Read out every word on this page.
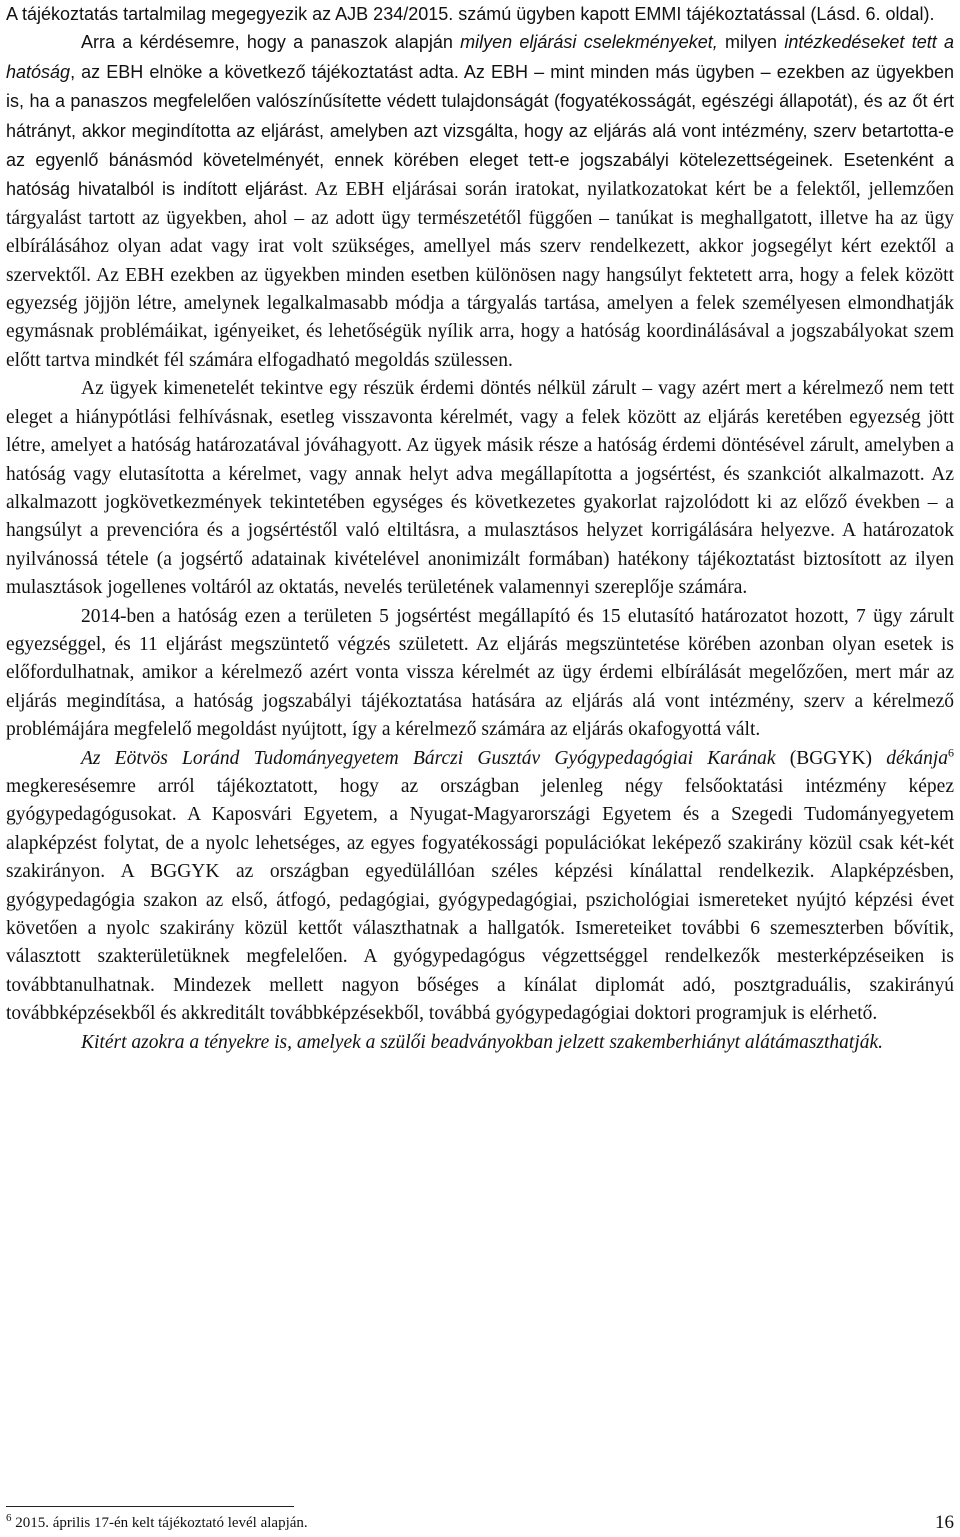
A tájékoztatás tartalmilag megegyezik az AJB 234/2015. számú ügyben kapott EMMI tájékoztatással (Lásd. 6. oldal).

Arra a kérdésemre, hogy a panaszok alapján milyen eljárási cselekményeket, milyen intézkedéseket tett a hatóság, az EBH elnöke a következő tájékoztatást adta. Az EBH – mint minden más ügyben – ezekben az ügyekben is, ha a panaszos megfelelően valószínűsítette védett tulajdonságát (fogyatékosságát, egészégi állapotát), és az őt ért hátrányt, akkor megindította az eljárást, amelyben azt vizsgálta, hogy az eljárás alá vont intézmény, szerv betartotta-e az egyenlő bánásmód követelményét, ennek körében eleget tett-e jogszabályi kötelezettségeinek. Esetenként a hatóság hivatalból is indított eljárást. Az EBH eljárásai során iratokat, nyilatkozatokat kért be a felektől, jellemzően tárgyalást tartott az ügyekben, ahol – az adott ügy természetétől függően – tanúkat is meghallgatott, illetve ha az ügy elbírálásához olyan adat vagy irat volt szükséges, amellyel más szerv rendelkezett, akkor jogsegélyt kért ezektől a szervektől. Az EBH ezekben az ügyekben minden esetben különösen nagy hangsúlyt fektetett arra, hogy a felek között egyezség jöjjön létre, amelynek legalkalmasabb módja a tárgyalás tartása, amelyen a felek személyesen elmondhatják egymásnak problémáikat, igényeiket, és lehetőségük nyílik arra, hogy a hatóság koordinálásával a jogszabályokat szem előtt tartva mindkét fél számára elfogadható megoldás szülessen.

Az ügyek kimenetelét tekintve egy részük érdemi döntés nélkül zárult – vagy azért mert a kérelmező nem tett eleget a hiánypótlási felhívásnak, esetleg visszavonta kérelmét, vagy a felek között az eljárás keretében egyezség jött létre, amelyet a hatóság határozatával jóváhagyott. Az ügyek másik része a hatóság érdemi döntésével zárult, amelyben a hatóság vagy elutasította a kérelmet, vagy annak helyt adva megállapította a jogsértést, és szankciót alkalmazott. Az alkalmazott jogkövetkezmények tekintetében egységes és következetes gyakorlat rajzolódott ki az előző években – a hangsúlyt a prevencióra és a jogsértéstől való eltiltásra, a mulasztásos helyzet korrigálására helyezve. A határozatok nyilvánossá tétele (a jogsértő adatainak kivételével anonimizált formában) hatékony tájékoztatást biztosított az ilyen mulasztások jogellenes voltáról az oktatás, nevelés területének valamennyi szereplője számára.

2014-ben a hatóság ezen a területen 5 jogsértést megállapító és 15 elutasító határozatot hozott, 7 ügy zárult egyezséggel, és 11 eljárást megszüntető végzés született. Az eljárás megszüntetése körében azonban olyan esetek is előfordulhatnak, amikor a kérelmező azért vonta vissza kérelmét az ügy érdemi elbírálását megelőzően, mert már az eljárás megindítása, a hatóság jogszabályi tájékoztatása hatására az eljárás alá vont intézmény, szerv a kérelmező problémájára megfelelő megoldást nyújtott, így a kérelmező számára az eljárás okafogyottá vált.

Az Eötvös Loránd Tudományegyetem Bárczi Gusztáv Gyógypedagógiai Karának (BGGYK) dékánja$^6$ megkeresésemre arról tájékoztatott, hogy az országban jelenleg négy felsőoktatási intézmény képez gyógypedagógusokat. A Kaposvári Egyetem, a Nyugat-Magyarországi Egyetem és a Szegedi Tudományegyetem alapképzést folytat, de a nyolc lehetséges, az egyes fogyatékossági populációkat leképező szakirány közül csak két-két szakirányon. A BGGYK az országban egyedülállóan széles képzési kínálattal rendelkezik. Alapképzésben, gyógypedagógia szakon az első, átfogó, pedagógiai, gyógypedagógiai, pszichológiai ismereteket nyújtó képzési évet követően a nyolc szakirány közül kettőt választhatnak a hallgatók. Ismereteiket további 6 szemeszterben bővítik, választott szakterületüknek megfelelően. A gyógypedagógus végzettséggel rendelkezők mesterképzéseiken is továbbtanulhatnak. Mindezek mellett nagyon bőséges a kínálat diplomát adó, posztgraduális, szakirányú továbbképzésekből és akkreditált továbbképzésekből, továbbá gyógypedagógiai doktori programjuk is elérhető.

Kitért azokra a tényekre is, amelyek a szülői beadványokban jelzett szakemberhiányt alátámaszthatják.

$^6$ 2015. április 17-én kelt tájékoztató levél alapján.	16
